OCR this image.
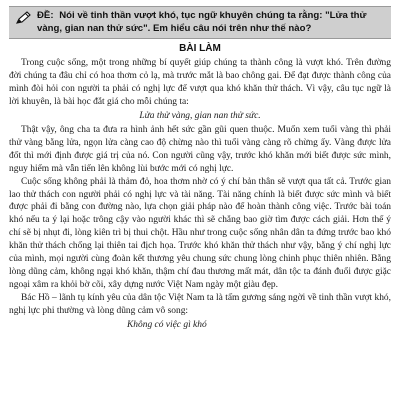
ĐỀ: Nói về tinh thần vượt khó, tục ngữ khuyên chúng ta rằng: "Lửa thử vàng, gian nan thử sức". Em hiểu câu nói trên như thế nào?
BÀI LÀM

Trong cuộc sống, một trong những bí quyết giúp chúng ta thành công là vượt khó. Trên đường đời chúng ta đâu chỉ có hoa thơm cỏ lạ, mà trước mắt là bao chông gai. Để đạt được thành công của mình đòi hỏi con người ta phải có nghị lực để vượt qua khó khăn thử thách. Vì vậy, câu tục ngữ là lời khuyên, là bài học đắt giá cho mỗi chúng ta:

Lửa thử vàng, gian nan thử sức.

Thật vậy, ông cha ta đưa ra hình ảnh hết sức gần gũi quen thuộc. Muốn xem tuổi vàng thì phải thử vàng bằng lửa, ngọn lửa càng cao độ chừng nào thì tuổi vàng càng rõ chừng ấy. Vàng được lửa đốt thì mới định được giá trị của nó. Con người cũng vậy, trước khó khăn mới biết được sức mình, nguy hiểm mà vẫn tiến lên không lùi bước mới có nghị lực.

Cuộc sống không phải là thảm đỏ, hoa thơm nhờ có ý chí bản thân sẽ vượt qua tất cả. Trước gian lao thử thách con người phải có nghị lực và tài năng. Tài năng chính là biết được sức mình và biết được phải đi bằng con đường nào, lựa chọn giải pháp nào để hoàn thành công việc. Trước bài toán khó nếu ta ý lại hoặc trông cậy vào người khác thì sẽ chẳng bao giờ tìm được cách giải. Hơn thế ý chí sẽ bị nhụt đi, lòng kiên trì bị thui chột. Hầu như trong cuộc sống nhân dân ta đứng trước bao khó khăn thử thách chống lại thiên tai địch họa. Trước khó khăn thử thách như vậy, bằng ý chí nghị lực của mình, mọi người cùng đoàn kết thương yêu chung sức chung lòng chinh phục thiên nhiên. Bằng lòng dũng cảm, không ngại khó khăn, thậm chí đau thương mất mát, dân tộc ta đánh đuổi được giặc ngoại xâm ra khỏi bờ cõi, xây dựng nước Việt Nam ngày một giàu đẹp.

Bác Hồ – lãnh tụ kính yêu của dân tộc Việt Nam ta là tấm gương sáng ngời về tinh thần vượt khó, nghị lực phi thường và lòng dũng cảm vô song:

Không có việc gì khó
